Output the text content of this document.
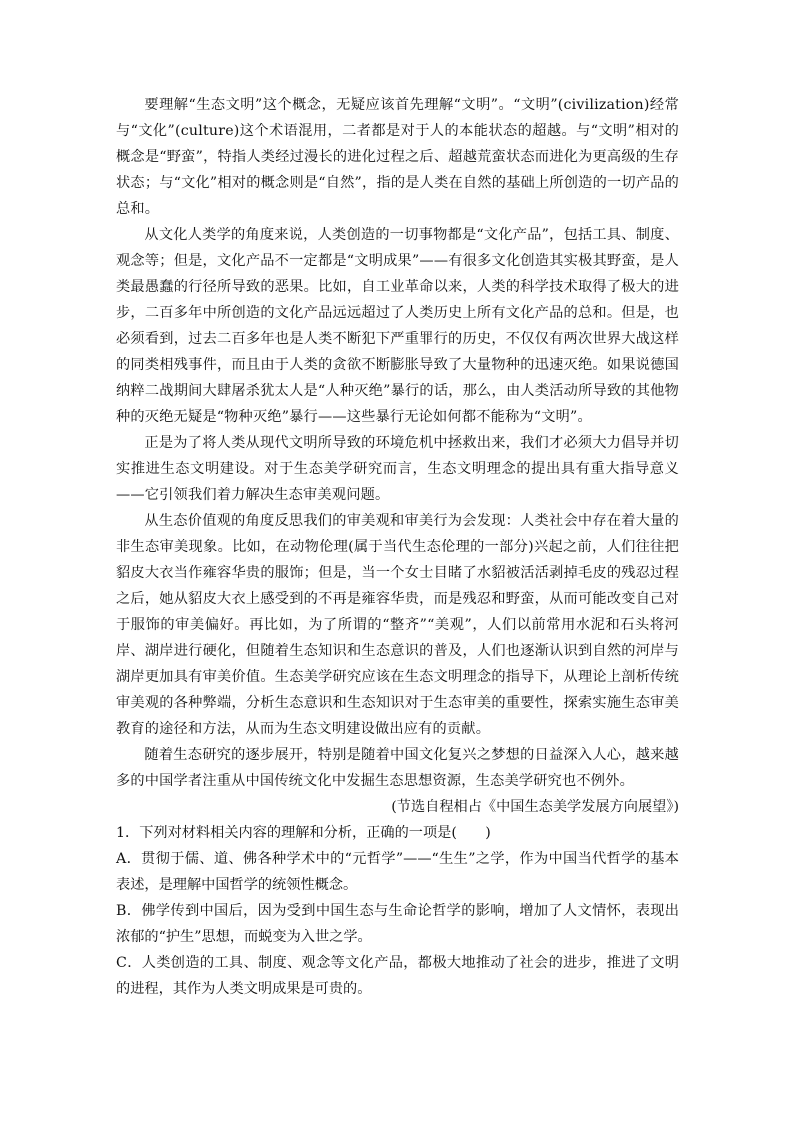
要理解“生态文明”这个概念，无疑应该首先理解“文明”。“文明”(civilization)经常与“文化”(culture)这个术语混用，二者都是对于人的本能状态的超越。与“文明”相对的概念是“野蛮”，特指人类经过漫长的进化过程之后、超越荒蛮状态而进化为更高级的生存状态；与“文化”相对的概念则是“自然”，指的是人类在自然的基础上所创造的一切产品的总和。

从文化人类学的角度来说，人类创造的一切事物都是“文化产品”，包括工具、制度、观念等；但是，文化产品不一定都是“文明成果”——有很多文化创造其实极其野蛮，是人类最愚蠢的行径所导致的恶果。比如，自工业革命以来，人类的科学技术取得了极大的进步，二百多年中所创造的文化产品远远超过了人类历史上所有文化产品的总和。但是，也必须看到，过去二百多年也是人类不断犯下严重罪行的历史，不仅仅有两次世界大战这样的同类相残事件，而且由于人类的贪欲不断膨胀导致了大量物种的迅速灭绝。如果说德国纳粹二战期间大肆屠杀犹太人是“人种灭绝”暴行的话，那么，由人类活动所导致的其他物种的灭绝无疑是“物种灭绝”暴行——这些暴行无论如何都不能称为“文明”。

正是为了将人类从现代文明所导致的环境危机中拯救出来，我们才必须大力倡导并切实推进生态文明建设。对于生态美学研究而言，生态文明理念的提出具有重大指导意义——它引领我们着力解决生态审美观问题。

从生态价值观的角度反思我们的审美观和审美行为会发现：人类社会中存在着大量的非生态审美现象。比如，在动物伦理(属于当代生态伦理的一部分)兴起之前，人们往往把貂皮大衣当作雍容华贵的服饰；但是，当一个女士目睹了水貂被活活剥掉毛皮的残忍过程之后，她从貂皮大衣上感受到的不再是雍容华贵，而是残忍和野蛮，从而可能改变自己对于服饰的审美偏好。再比如，为了所谓的“整齐”“美观”，人们以前常用水泥和石头将河岸、湖岸进行硬化，但随着生态知识和生态意识的普及，人们也逐渐认识到自然的河岸与湖岸更加具有审美价值。生态美学研究应该在生态文明理念的指导下，从理论上剖析传统审美观的各种弊端，分析生态意识和生态知识对于生态审美的重要性，探索实施生态审美教育的途径和方法，从而为生态文明建设做出应有的贡献。

随着生态研究的逐步展开，特别是随着中国文化复兴之梦想的日益深入人心，越来越多的中国学者注重从中国传统文化中发掘生态思想资源，生态美学研究也不例外。

(节选自程相占《中国生态美学发展方向展望》)

1．下列对材料相关内容的理解和分析，正确的一项是(　　)

A．贯彻于儒、道、佛各种学术中的“元哲学”——“生生”之学，作为中国当代哲学的基本表述，是理解中国哲学的统领性概念。

B．佛学传到中国后，因为受到中国生态与生命论哲学的影响，增加了人文情怀，表现出浓郁的“护生”思想，而蜕变为入世之学。

C．人类创造的工具、制度、观念等文化产品，都极大地推动了社会的进步，推进了文明的进程，其作为人类文明成果是可贵的。
